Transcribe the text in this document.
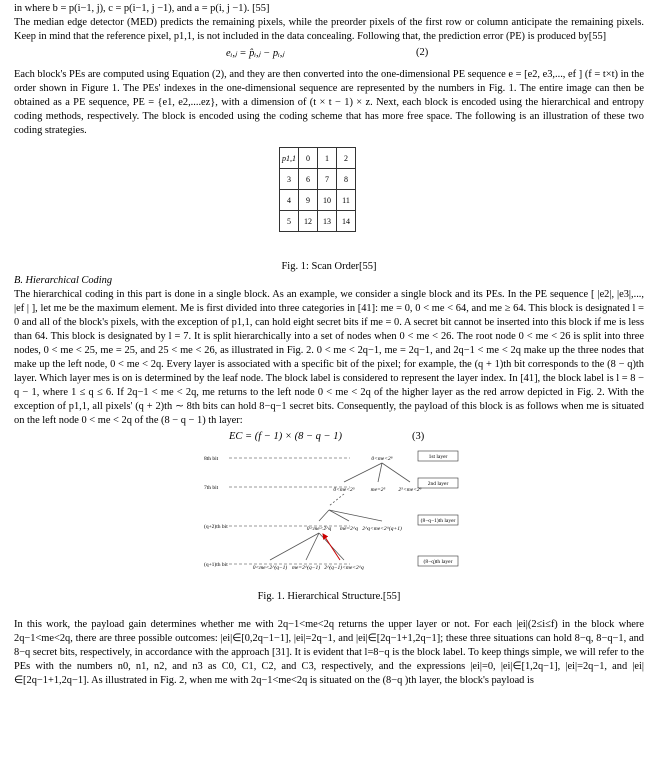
in where b = p(i−1, j), c = p(i−1, j −1), and a = p(i, j −1). [55]

The median edge detector (MED) predicts the remaining pixels, while the preorder pixels of the first row or column anticipate the remaining pixels. Keep in mind that the reference pixel, p1,1, is not included in the data concealing. Following that, the prediction error (PE) is produced by[55]

eᵢ,ⱼ = p̂ᵢ,ⱼ − pᵢ,ⱼ	(2)

Each block's PEs are computed using Equation (2), and they are then converted into the one-dimensional PE sequence e = [e2, e3,..., ef ] (f = t×t) in the order shown in Figure 1. The PEs' indexes in the one-dimensional sequence are represented by the numbers in Fig. 1. The entire image can then be obtained as a PE sequence, PE = {e1, e2,....ez}, with a dimension of (t × t − 1) × z. Next, each block is encoded using the hierarchical and entropy coding methods, respectively. The block is encoded using the coding scheme that has more free space. The following is an illustration of these two coding strategies.

p1,1	0	1	2
3	6	7	8
4	9	10	11
5	12	13	14
Fig. 1: Scan Order[55]
B. Hierarchical Coding

The hierarchical coding in this part is done in a single block. As an example, we consider a single block and its PEs. In the PE sequence [ |e2|, |e3|,..., |ef | ], let me be the maximum element. Me is first divided into three categories in [41]: me = 0, 0 < me < 64, and me ≥ 64. This block is designated l = 0 and all of the block's pixels, with the exception of p1,1, can hold eight secret bits if me = 0. A secret bit cannot be inserted into this block if me is less than 64. This block is designated by l = 7. It is split hierarchically into a set of nodes when 0 < me < 26. The root node 0 < me < 26 is split into three nodes, 0 < me < 25, me = 25, and 25 < me < 26, as illustrated in Fig. 2. 0 < me < 2q−1, me = 2q−1, and 2q−1 < me < 2q make up the three nodes that make up the left node, 0 < me < 2q. Every layer is associated with a specific bit of the pixel; for example, the (q + 1)th bit corresponds to the (8 − q)th layer. Which layer mes is on is determined by the leaf node. The block label is considered to represent the layer index. In [41], the block label is l = 8 − q − 1, where 1 ≤ q ≤ 6. If 2q−1 < me < 2q, me returns to the left node 0 < me < 2q of the higher layer as the red arrow depicted in Fig. 2. With the exception of p1,1, all pixels' (q + 2)th ∼ 8th bits can hold 8−q−1 secret bits. Consequently, the payload of this block is as follows when me is situated on the left node 0 < me < 2q of the (8 − q − 1) th layer:

EC = (f − 1) × (8 − q − 1)	(3)
8th bit
7th bit
(q+2)th bit
(q+1)th bit
1st layer
2nd layer
(8−q−1)th layer
(8−q)th layer
0<me<2⁶
0<me<2⁵	me=2⁵ 2⁵<me<2⁶
0<me<2^q me=2^q 2^q<me<2^(q+1)
0<me<2^(q−1) me=2^(q−1) 2^(q−1)<me<2^q
Fig. 1. Hierarchical Structure.[55]

In this work, the payload gain determines whether me with 2q−1<me<2q returns the upper layer or not. For each |ei|(2≤i≤f) in the block where 2q−1<me<2q, there are three possible outcomes: |ei|∈[0,2q−1−1], |ei|=2q−1, and |ei|∈[2q−1+1,2q−1]; these three situations can hold 8−q, 8−q−1, and 8−q secret bits, respectively, in accordance with the approach [31]. It is evident that l=8−q is the block label. To keep things simple, we will refer to the PEs with the numbers n0, n1, n2, and n3 as C0, C1, C2, and C3, respectively, and the expressions |ei|=0, |ei|∈[1,2q−1], |ei|=2q−1, and |ei|∈[2q−1+1,2q−1]. As illustrated in Fig. 2, when me with 2q−1<me<2q is situated on the (8−q )th layer, the block's payload is
